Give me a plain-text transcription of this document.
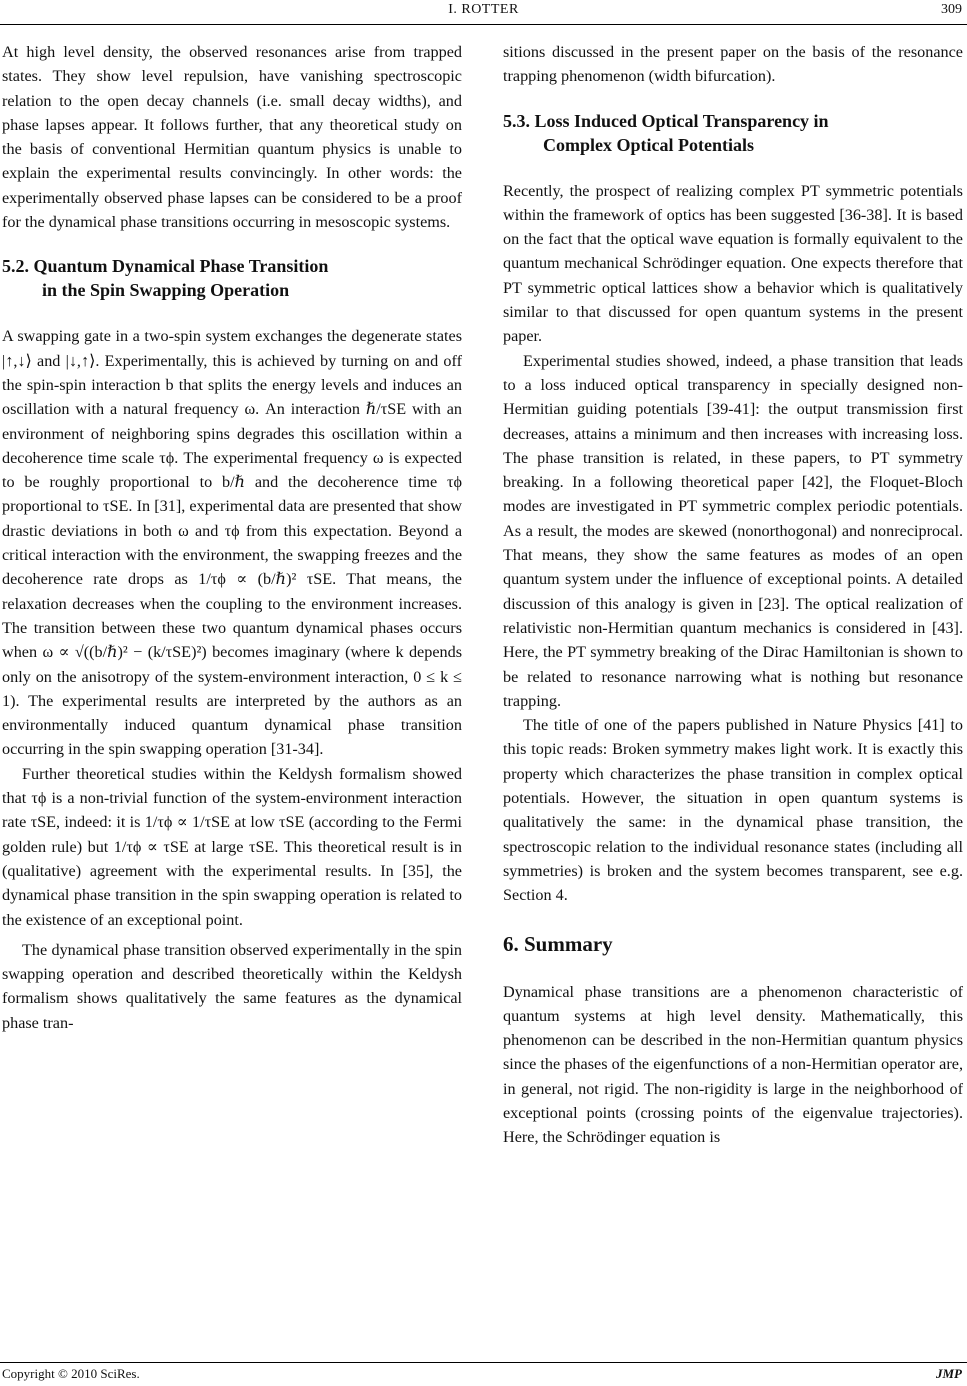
I. ROTTER	309

At high level density, the observed resonances arise from trapped states. They show level repulsion, have vanishing spectroscopic relation to the open decay channels (i.e. small decay widths), and phase lapses appear. It follows further, that any theoretical study on the basis of conventional Hermitian quantum physics is unable to explain the experimental results convincingly. In other words: the experimentally observed phase lapses can be considered to be a proof for the dynamical phase transitions occurring in mesoscopic systems.

5.2. Quantum Dynamical Phase Transition
in the Spin Swapping Operation

A swapping gate in a two-spin system exchanges the degenerate states |↑,↓⟩ and |↓,↑⟩. Experimentally, this is achieved by turning on and off the spin-spin interaction b that splits the energy levels and induces an oscillation with a natural frequency ω. An interaction ℏ/τSE with an environment of neighboring spins degrades this oscillation within a decoherence time scale τϕ. The experimental frequency ω is expected to be roughly proportional to b/ℏ and the decoherence time τϕ proportional to τSE. In [31], experimental data are presented that show drastic deviations in both ω and τϕ from this expectation. Beyond a critical interaction with the environment, the swapping freezes and the decoherence rate drops as 1/τϕ ∝ (b/ℏ)² τSE. That means, the relaxation decreases when the coupling to the environment increases. The transition between these two quantum dynamical phases occurs when ω ∝ √((b/ℏ)² − (k/τSE)²) becomes imaginary (where k depends only on the anisotropy of the system-environment interaction, 0 ≤ k ≤ 1). The experimental results are interpreted by the authors as an environmentally induced quantum dynamical phase transition occurring in the spin swapping operation [31-34].

Further theoretical studies within the Keldysh formalism showed that τϕ is a non-trivial function of the system-environment interaction rate τSE, indeed: it is 1/τϕ ∝ 1/τSE at low τSE (according to the Fermi golden rule) but 1/τϕ ∝ τSE at large τSE. This theoretical result is in (qualitative) agreement with the experimental results. In [35], the dynamical phase transition in the spin swapping operation is related to the existence of an exceptional point.

The dynamical phase transition observed experimentally in the spin swapping operation and described theoretically within the Keldysh formalism shows qualitatively the same features as the dynamical phase tran-

sitions discussed in the present paper on the basis of the resonance trapping phenomenon (width bifurcation).

5.3. Loss Induced Optical Transparency in
Complex Optical Potentials

Recently, the prospect of realizing complex PT symmetric potentials within the framework of optics has been suggested [36-38]. It is based on the fact that the optical wave equation is formally equivalent to the quantum mechanical Schrödinger equation. One expects therefore that PT symmetric optical lattices show a behavior which is qualitatively similar to that discussed for open quantum systems in the present paper.

Experimental studies showed, indeed, a phase transition that leads to a loss induced optical transparency in specially designed non-Hermitian guiding potentials [39-41]: the output transmission first decreases, attains a minimum and then increases with increasing loss. The phase transition is related, in these papers, to PT symmetry breaking. In a following theoretical paper [42], the Floquet-Bloch modes are investigated in PT symmetric complex periodic potentials. As a result, the modes are skewed (nonorthogonal) and nonreciprocal. That means, they show the same features as modes of an open quantum system under the influence of exceptional points. A detailed discussion of this analogy is given in [23]. The optical realization of relativistic non-Hermitian quantum mechanics is considered in [43]. Here, the PT symmetry breaking of the Dirac Hamiltonian is shown to be related to resonance narrowing what is nothing but resonance trapping.

The title of one of the papers published in Nature Physics [41] to this topic reads: Broken symmetry makes light work. It is exactly this property which characterizes the phase transition in complex optical potentials. However, the situation in open quantum systems is qualitatively the same: in the dynamical phase transition, the spectroscopic relation to the individual resonance states (including all symmetries) is broken and the system becomes transparent, see e.g. Section 4.

6. Summary

Dynamical phase transitions are a phenomenon characteristic of quantum systems at high level density. Mathematically, this phenomenon can be described in the non-Hermitian quantum physics since the phases of the eigenfunctions of a non-Hermitian operator are, in general, not rigid. The non-rigidity is large in the neighborhood of exceptional points (crossing points of the eigenvalue trajectories). Here, the Schrödinger equation is

Copyright © 2010 SciRes.	JMP
